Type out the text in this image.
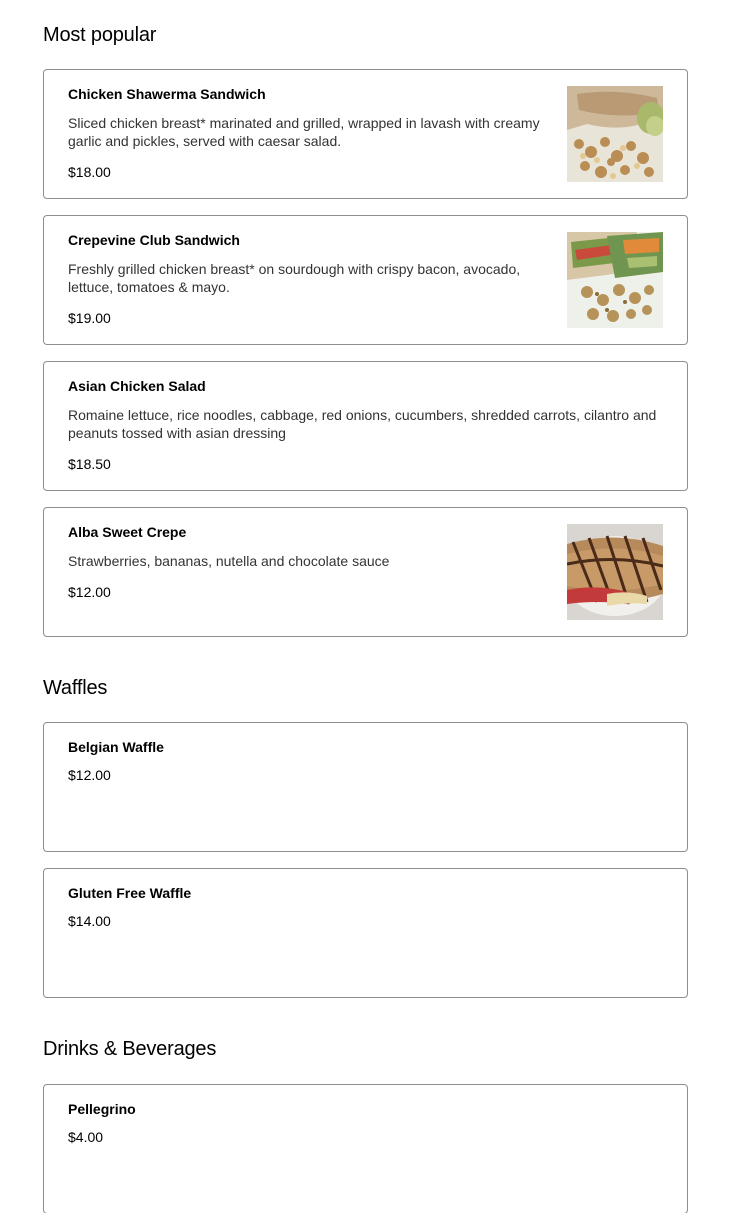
Most popular
Chicken Shawerma Sandwich
Sliced chicken breast* marinated and grilled, wrapped in lavash with creamy garlic and pickles, served with caesar salad.
$18.00
Crepevine Club Sandwich
Freshly grilled chicken breast* on sourdough with crispy bacon, avocado, lettuce, tomatoes & mayo.
$19.00
Asian Chicken Salad
Romaine lettuce, rice noodles, cabbage, red onions, cucumbers, shredded carrots, cilantro and peanuts tossed with asian dressing
$18.50
Alba Sweet Crepe
Strawberries, bananas, nutella and chocolate sauce
$12.00
Waffles
Belgian Waffle
$12.00
Gluten Free Waffle
$14.00
Drinks & Beverages
Pellegrino
$4.00
